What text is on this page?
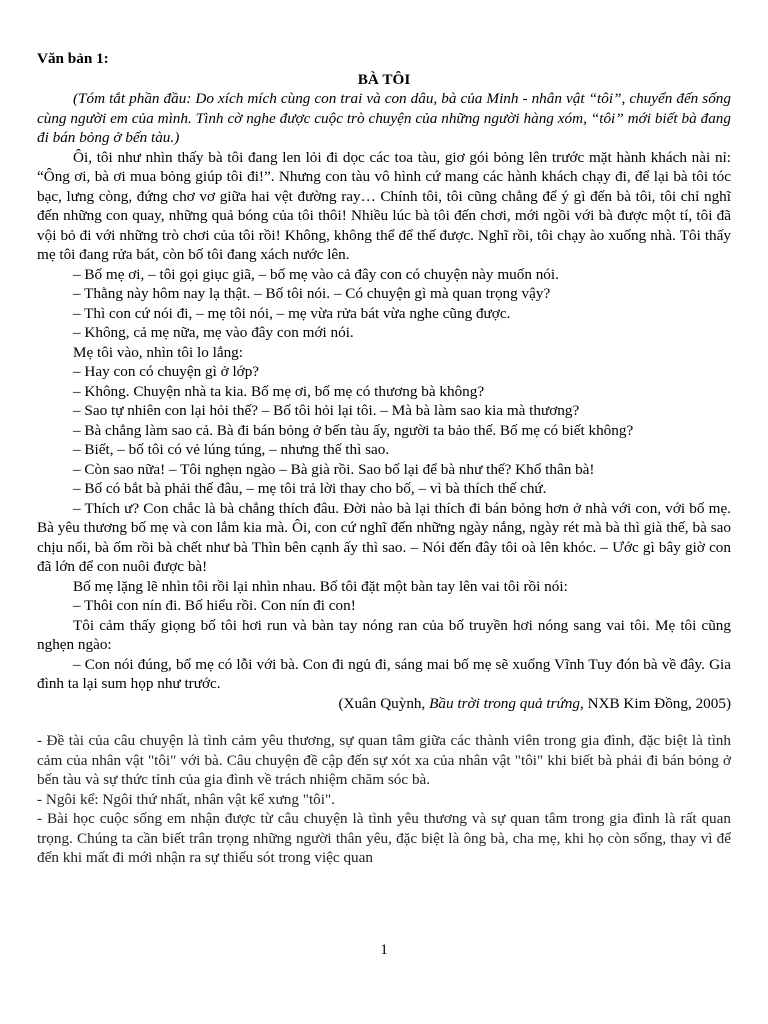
Văn bản 1:
BÀ TÔI
(Tóm tắt phần đầu: Do xích mích cùng con trai và con dâu, bà của Minh - nhân vật “tôi”, chuyển đến sống cùng người em của mình. Tình cờ nghe được cuộc trò chuyện của những người hàng xóm, “tôi” mới biết bà đang đi bán bỏng ở bến tàu.)
Ôi, tôi như nhìn thấy bà tôi đang len lỏi đi dọc các toa tàu, giơ gói bỏng lên trước mặt hành khách nài nỉ: “Ông ơi, bà ơi mua bỏng giúp tôi đi!”. Nhưng con tàu vô hình cứ mang các hành khách chạy đi, để lại bà tôi tóc bạc, lưng còng, đứng chơ vơ giữa hai vệt đường ray… Chính tôi, tôi cũng chẳng để ý gì đến bà tôi, tôi chỉ nghĩ đến những con quay, những quả bóng của tôi thôi! Nhiều lúc bà tôi đến chơi, mới ngồi với bà được một tí, tôi đã vội bỏ đi với những trò chơi của tôi rồi! Không, không thể để thế được. Nghĩ rồi, tôi chạy ào xuống nhà. Tôi thấy mẹ tôi đang rửa bát, còn bố tôi đang xách nước lên.
– Bố mẹ ơi, – tôi gọi giục giã, – bố mẹ vào cả đây con có chuyện này muốn nói.
– Thằng này hôm nay lạ thật. – Bố tôi nói. – Có chuyện gì mà quan trọng vậy?
– Thì con cứ nói đi, – mẹ tôi nói, – mẹ vừa rửa bát vừa nghe cũng được.
– Không, cả mẹ nữa, mẹ vào đây con mới nói.
Mẹ tôi vào, nhìn tôi lo lắng:
– Hay con có chuyện gì ở lớp?
– Không. Chuyện nhà ta kia. Bố mẹ ơi, bố mẹ có thương bà không?
– Sao tự nhiên con lại hỏi thế? – Bố tôi hỏi lại tôi. – Mà bà làm sao kia mà thương?
– Bà chẳng làm sao cả. Bà đi bán bỏng ở bến tàu ấy, người ta bảo thế. Bố mẹ có biết không?
– Biết, – bố tôi có vẻ lúng túng, – nhưng thế thì sao.
– Còn sao nữa! – Tôi nghẹn ngào – Bà già rồi. Sao bố lại để bà như thế? Khổ thân bà!
– Bố có bắt bà phải thế đâu, – mẹ tôi trả lời thay cho bố, – vì bà thích thế chứ.
– Thích ư? Con chắc là bà chẳng thích đâu. Đời nào bà lại thích đi bán bỏng hơn ở nhà với con, với bố mẹ. Bà yêu thương bố mẹ và con lắm kia mà. Ôi, con cứ nghĩ đến những ngày nắng, ngày rét mà bà thì già thế, bà sao chịu nổi, bà ốm rồi bà chết như bà Thìn bên cạnh ấy thì sao. – Nói đến đây tôi oà lên khóc. – Ước gì bây giờ con đã lớn để con nuôi được bà!
Bố mẹ lặng lẽ nhìn tôi rồi lại nhìn nhau. Bố tôi đặt một bàn tay lên vai tôi rồi nói:
– Thôi con nín đi. Bố hiểu rồi. Con nín đi con!
Tôi cảm thấy giọng bố tôi hơi run và bàn tay nóng ran của bố truyền hơi nóng sang vai tôi. Mẹ tôi cũng nghẹn ngào:
– Con nói đúng, bố mẹ có lỗi với bà. Con đi ngủ đi, sáng mai bố mẹ sẽ xuống Vĩnh Tuy đón bà về đây. Gia đình ta lại sum họp như trước.
(Xuân Quỳnh, Bầu trời trong quả trứng, NXB Kim Đồng, 2005)
- Đề tài của câu chuyện là tình cảm yêu thương, sự quan tâm giữa các thành viên trong gia đình, đặc biệt là tình cảm của nhân vật "tôi" với bà. Câu chuyện đề cập đến sự xót xa của nhân vật "tôi" khi biết bà phải đi bán bỏng ở bến tàu và sự thức tỉnh của gia đình về trách nhiệm chăm sóc bà.
- Ngôi kể: Ngôi thứ nhất, nhân vật kể xưng "tôi".
- Bài học cuộc sống em nhận được từ câu chuyện là tình yêu thương và sự quan tâm trong gia đình là rất quan trọng. Chúng ta cần biết trân trọng những người thân yêu, đặc biệt là ông bà, cha mẹ, khi họ còn sống, thay vì để đến khi mất đi mới nhận ra sự thiếu sót trong việc quan
1
